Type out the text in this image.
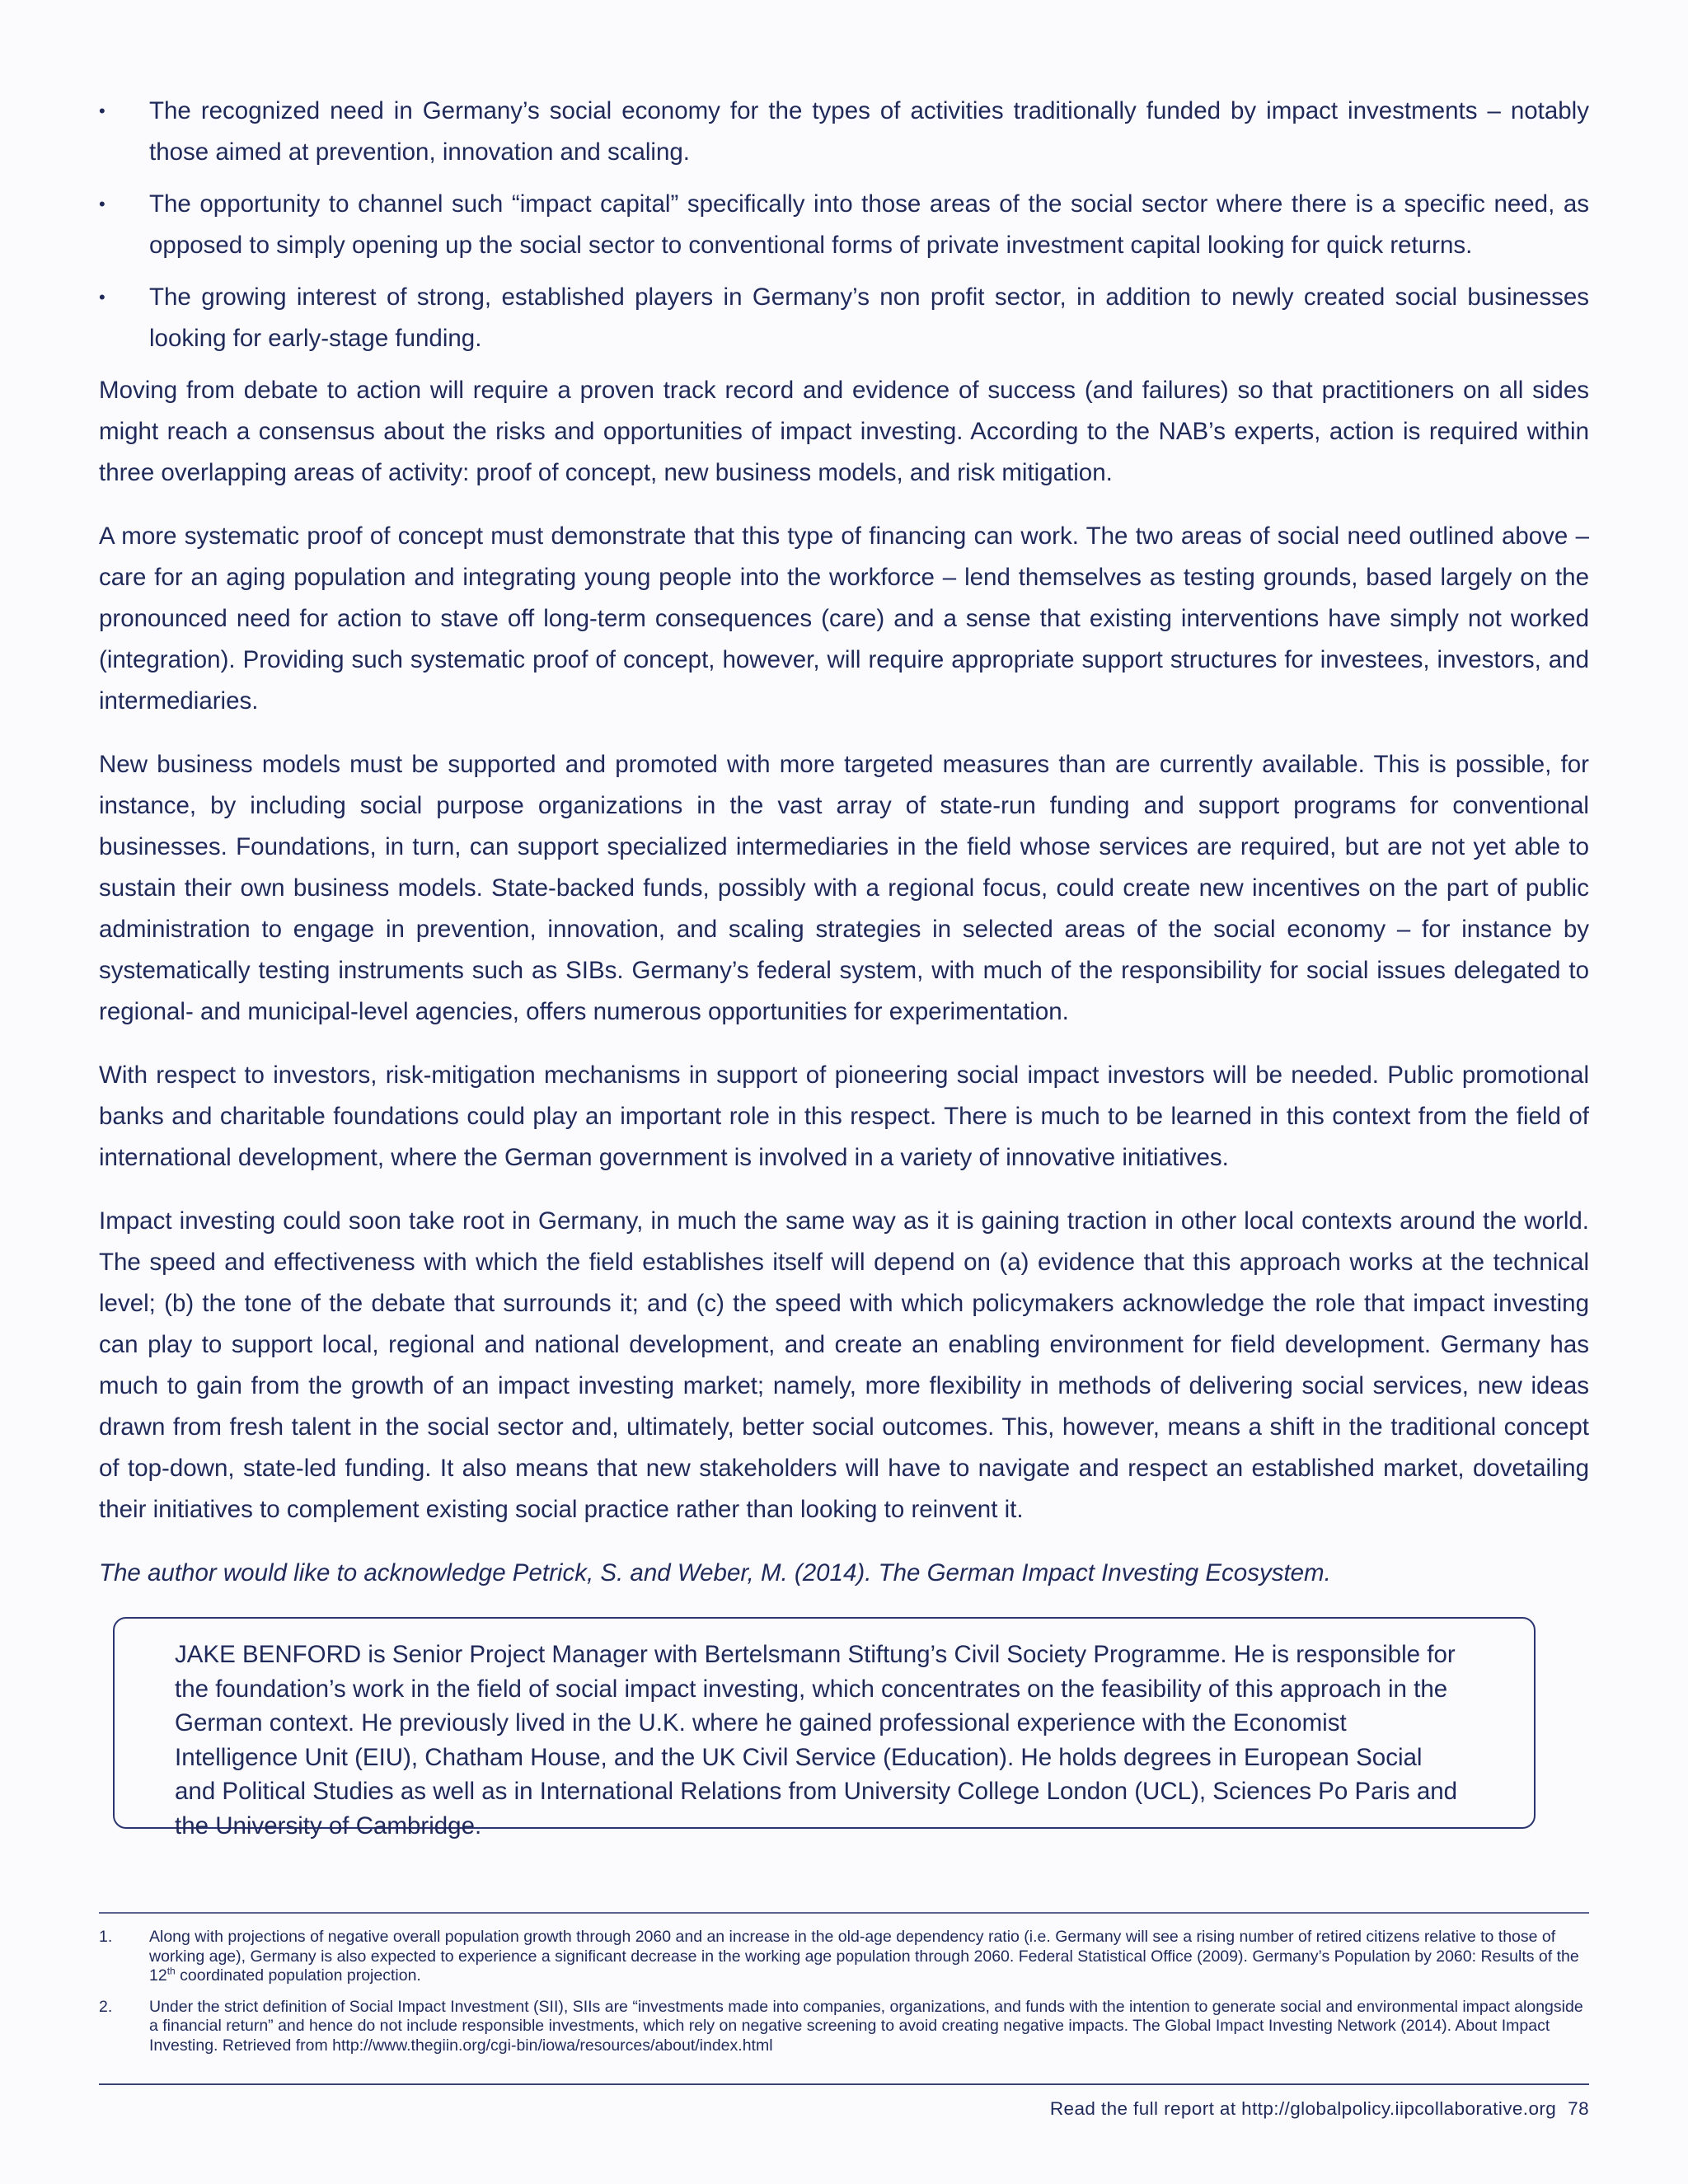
• The recognized need in Germany’s social economy for the types of activities traditionally funded by impact investments – notably those aimed at prevention, innovation and scaling.
• The opportunity to channel such “impact capital” specifically into those areas of the social sector where there is a specific need, as opposed to simply opening up the social sector to conventional forms of private investment capital looking for quick returns.
• The growing interest of strong, established players in Germany’s non profit sector, in addition to newly created social businesses looking for early-stage funding.

Moving from debate to action will require a proven track record and evidence of success (and failures) so that practitioners on all sides might reach a consensus about the risks and opportunities of impact investing. According to the NAB’s experts, action is required within three overlapping areas of activity: proof of concept, new business models, and risk mitigation.

A more systematic proof of concept must demonstrate that this type of financing can work. The two areas of social need outlined above – care for an aging population and integrating young people into the workforce – lend themselves as testing grounds, based largely on the pronounced need for action to stave off long-term consequences (care) and a sense that existing interventions have simply not worked (integration). Providing such systematic proof of concept, however, will require appropriate support structures for investees, investors, and intermediaries.

New business models must be supported and promoted with more targeted measures than are currently available. This is possible, for instance, by including social purpose organizations in the vast array of state-run funding and support programs for conventional businesses. Foundations, in turn, can support specialized intermediaries in the field whose services are required, but are not yet able to sustain their own business models. State-backed funds, possibly with a regional focus, could create new incentives on the part of public administration to engage in prevention, innovation, and scaling strategies in selected areas of the social economy – for instance by systematically testing instruments such as SIBs. Germany’s federal system, with much of the responsibility for social issues delegated to regional- and municipal-level agencies, offers numerous opportunities for experimentation.

With respect to investors, risk-mitigation mechanisms in support of pioneering social impact investors will be needed. Public promotional banks and charitable foundations could play an important role in this respect. There is much to be learned in this context from the field of international development, where the German government is involved in a variety of innovative initiatives.

Impact investing could soon take root in Germany, in much the same way as it is gaining traction in other local contexts around the world. The speed and effectiveness with which the field establishes itself will depend on (a) evidence that this approach works at the technical level; (b) the tone of the debate that surrounds it; and (c) the speed with which policymakers acknowledge the role that impact investing can play to support local, regional and national development, and create an enabling environment for field development. Germany has much to gain from the growth of an impact investing market; namely, more flexibility in methods of delivering social services, new ideas drawn from fresh talent in the social sector and, ultimately, better social outcomes. This, however, means a shift in the traditional concept of top-down, state-led funding. It also means that new stakeholders will have to navigate and respect an established market, dovetailing their initiatives to complement existing social practice rather than looking to reinvent it.

The author would like to acknowledge Petrick, S. and Weber, M. (2014). The German Impact Investing Ecosystem.

JAKE BENFORD is Senior Project Manager with Bertelsmann Stiftung’s Civil Society Programme. He is responsible for the foundation’s work in the field of social impact investing, which concentrates on the feasibility of this approach in the German context. He previously lived in the U.K. where he gained professional experience with the Economist Intelligence Unit (EIU), Chatham House, and the UK Civil Service (Education). He holds degrees in European Social and Political Studies as well as in International Relations from University College London (UCL), Sciences Po Paris and the University of Cambridge.

1. Along with projections of negative overall population growth through 2060 and an increase in the old-age dependency ratio (i.e. Germany will see a rising number of retired citizens relative to those of working age), Germany is also expected to experience a significant decrease in the working age population through 2060. Federal Statistical Office (2009). Germany’s Population by 2060: Results of the 12th coordinated population projection.
2. Under the strict definition of Social Impact Investment (SII), SIIs are “investments made into companies, organizations, and funds with the intention to generate social and environmental impact alongside a financial return” and hence do not include responsible investments, which rely on negative screening to avoid creating negative impacts. The Global Impact Investing Network (2014). About Impact Investing. Retrieved from http://www.thegiin.org/cgi-bin/iowa/resources/about/index.html
Read the full report at http://globalpolicy.iipcollaborative.org 78
